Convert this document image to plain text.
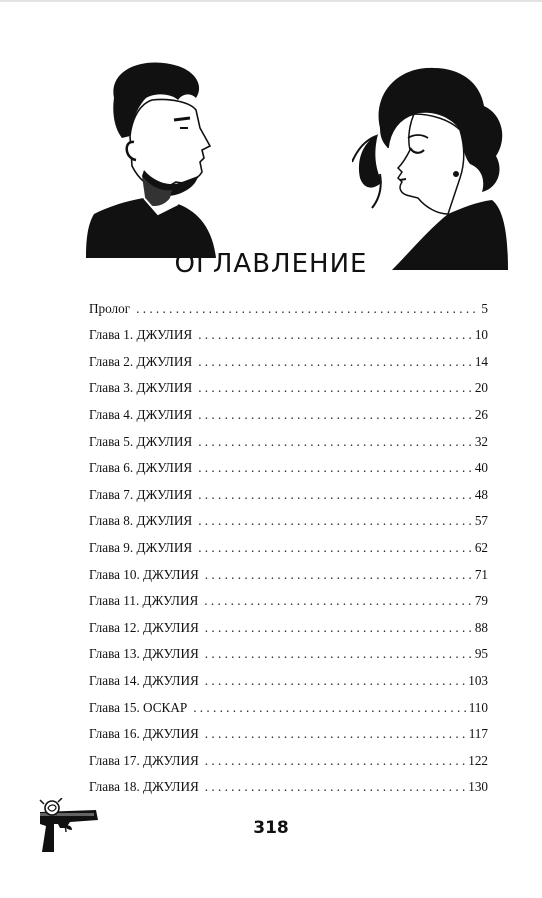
ОГЛАВЛЕНИЕ
Пролог . . .	5
Глава 1. ДЖУЛИЯ . . .	10
Глава 2. ДЖУЛИЯ . . .	14
Глава 3. ДЖУЛИЯ . . .	20
Глава 4. ДЖУЛИЯ . . .	26
Глава 5. ДЖУЛИЯ . . .	32
Глава 6. ДЖУЛИЯ . . .	40
Глава 7. ДЖУЛИЯ . . .	48
Глава 8. ДЖУЛИЯ . . .	57
Глава 9. ДЖУЛИЯ . . .	62
Глава 10. ДЖУЛИЯ . . .	71
Глава 11. ДЖУЛИЯ . . .	79
Глава 12. ДЖУЛИЯ . . .	88
Глава 13. ДЖУЛИЯ . . .	95
Глава 14. ДЖУЛИЯ . . .	103
Глава 15. ОСКАР . . .	110
Глава 16. ДЖУЛИЯ . . .	117
Глава 17. ДЖУЛИЯ . . .	122
Глава 18. ДЖУЛИЯ . . .	130
318
